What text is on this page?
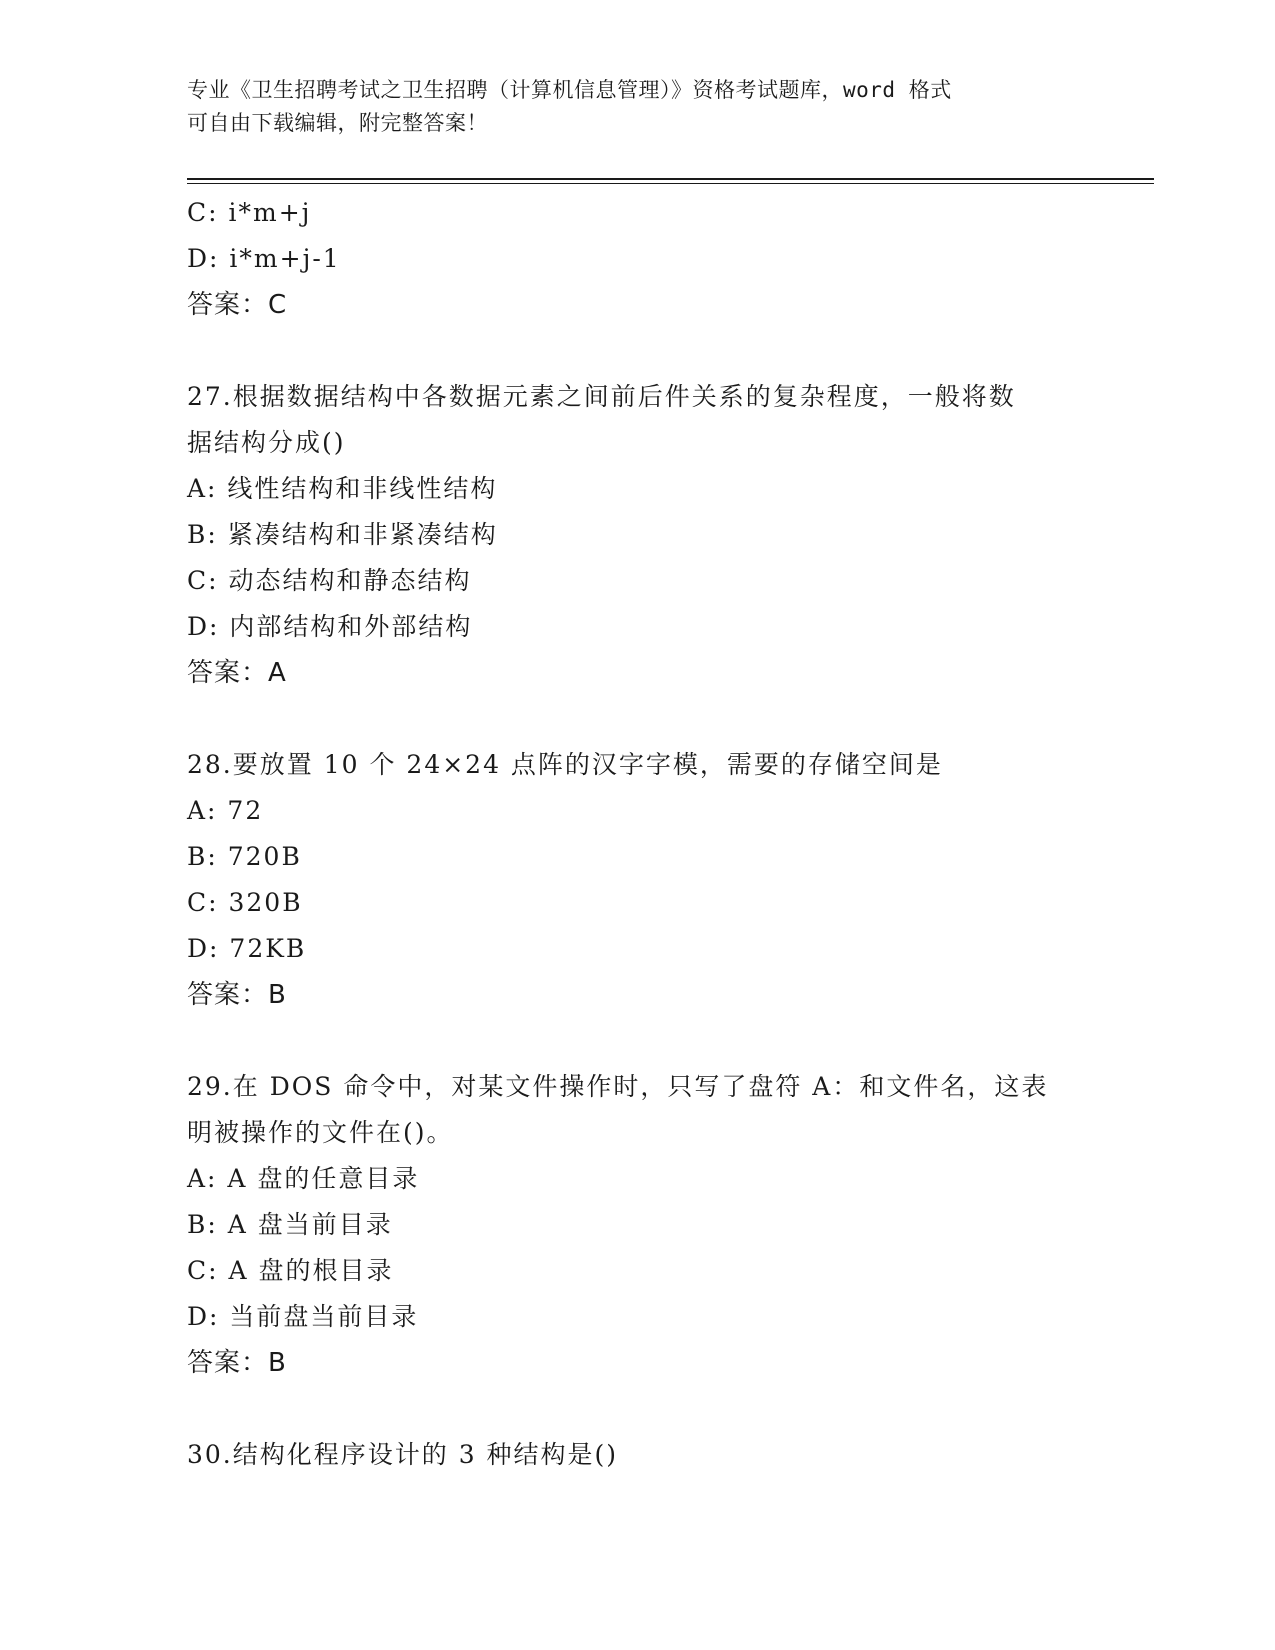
专业《卫生招聘考试之卫生招聘（计算机信息管理）》资格考试题库，word 格式
可自由下载编辑，附完整答案！
C: i*m+j
D: i*m+j-1
答案：C
27.根据数据结构中各数据元素之间前后件关系的复杂程度，一般将数
据结构分成()
A: 线性结构和非线性结构
B: 紧凑结构和非紧凑结构
C: 动态结构和静态结构
D: 内部结构和外部结构
答案：A
28.要放置 10 个 24×24 点阵的汉字字模，需要的存储空间是
A: 72
B: 720B
C: 320B
D: 72KB
答案：B
29.在 DOS 命令中，对某文件操作时，只写了盘符 A：和文件名，这表
明被操作的文件在()。
A: A 盘的任意目录
B: A 盘当前目录
C: A 盘的根目录
D: 当前盘当前目录
答案：B
30.结构化程序设计的 3 种结构是()
